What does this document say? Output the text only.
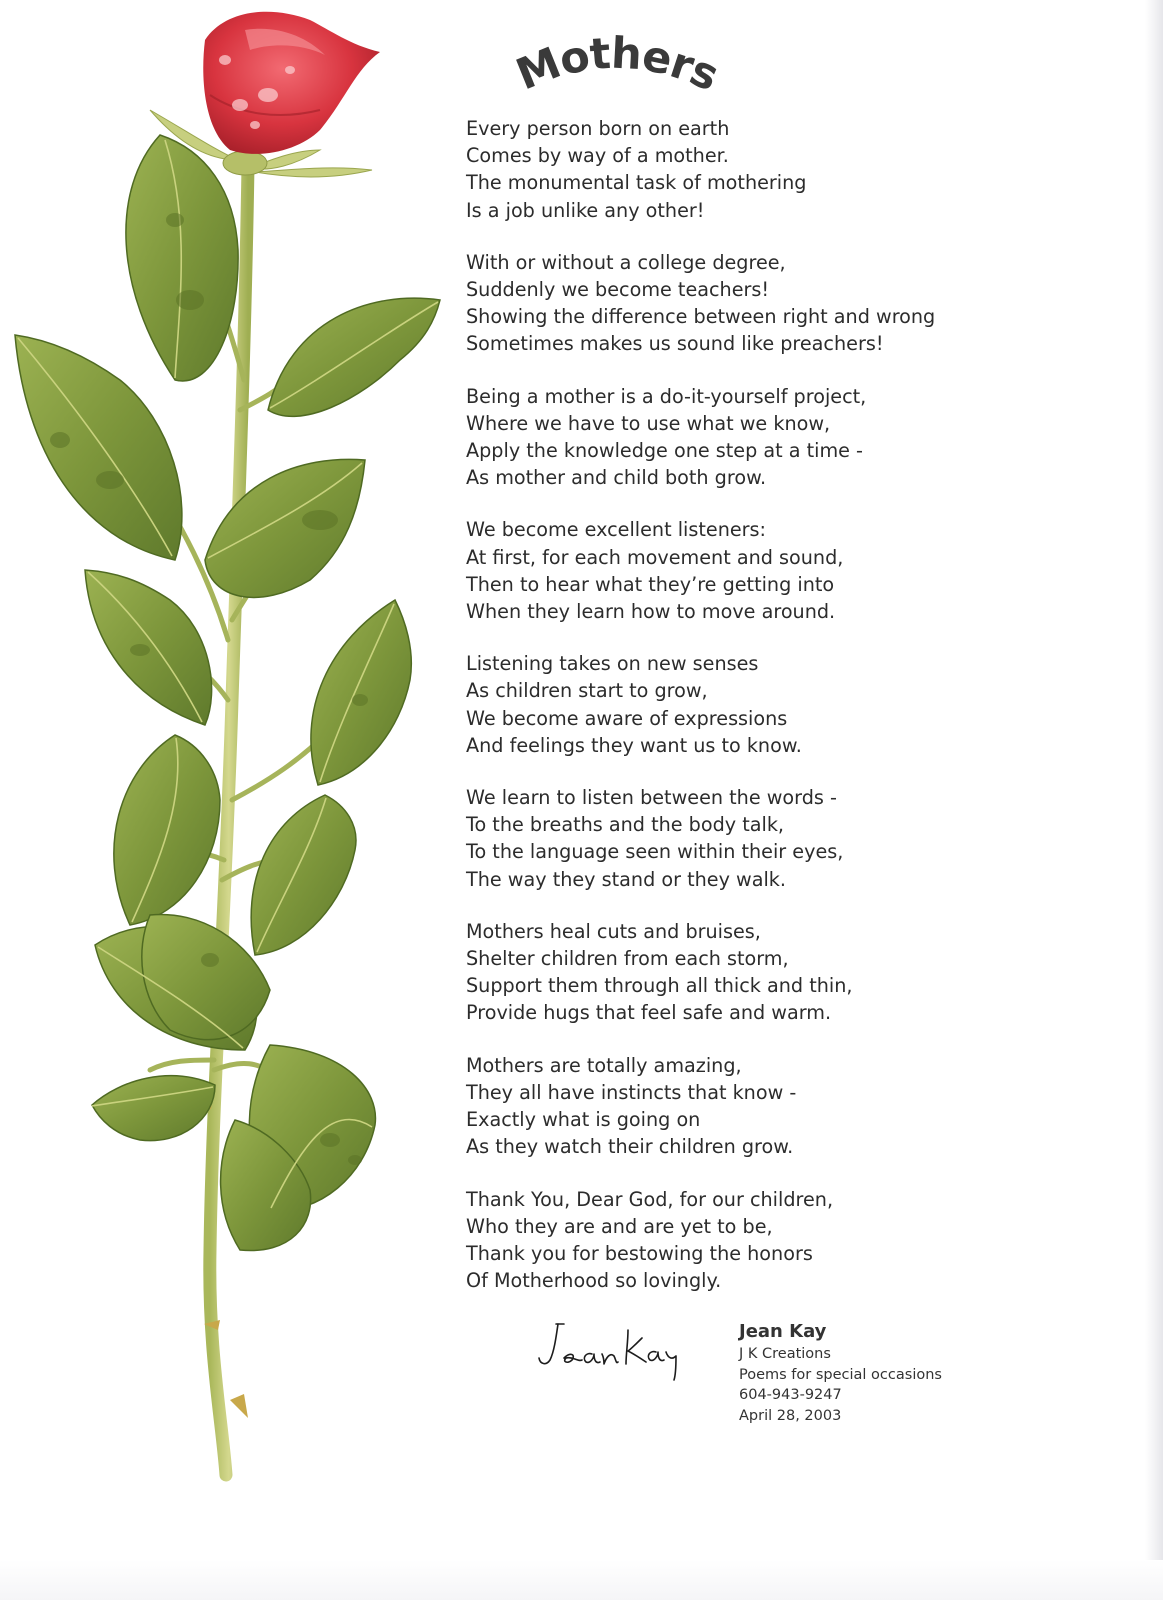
Mothers
Every person born on earth
Comes by way of a mother.
The monumental task of mothering
Is a job unlike any other!
With or without a college degree,
Suddenly we become teachers!
Showing the difference between right and wrong
Sometimes makes us sound like preachers!
Being a mother is a do-it-yourself project,
Where we have to use what we know,
Apply the knowledge one step at a time -
As mother and child both grow.
We become excellent listeners:
At first, for each movement and sound,
Then to hear what they’re getting into
When they learn how to move around.
Listening takes on new senses
As children start to grow,
We become aware of expressions
And feelings they want us to know.
We learn to listen between the words -
To the breaths and the body talk,
To the language seen within their eyes,
The way they stand or they walk.
Mothers heal cuts and bruises,
Shelter children from each storm,
Support them through all thick and thin,
Provide hugs that feel safe and warm.
Mothers are totally amazing,
They all have instincts that know -
Exactly what is going on
As they watch their children grow.
Thank You, Dear God, for our children,
Who they are and are yet to be,
Thank you for bestowing the honors
Of Motherhood so lovingly.
Jean Kay
J K Creations
Poems for special occasions
604-943-9247
April 28, 2003
